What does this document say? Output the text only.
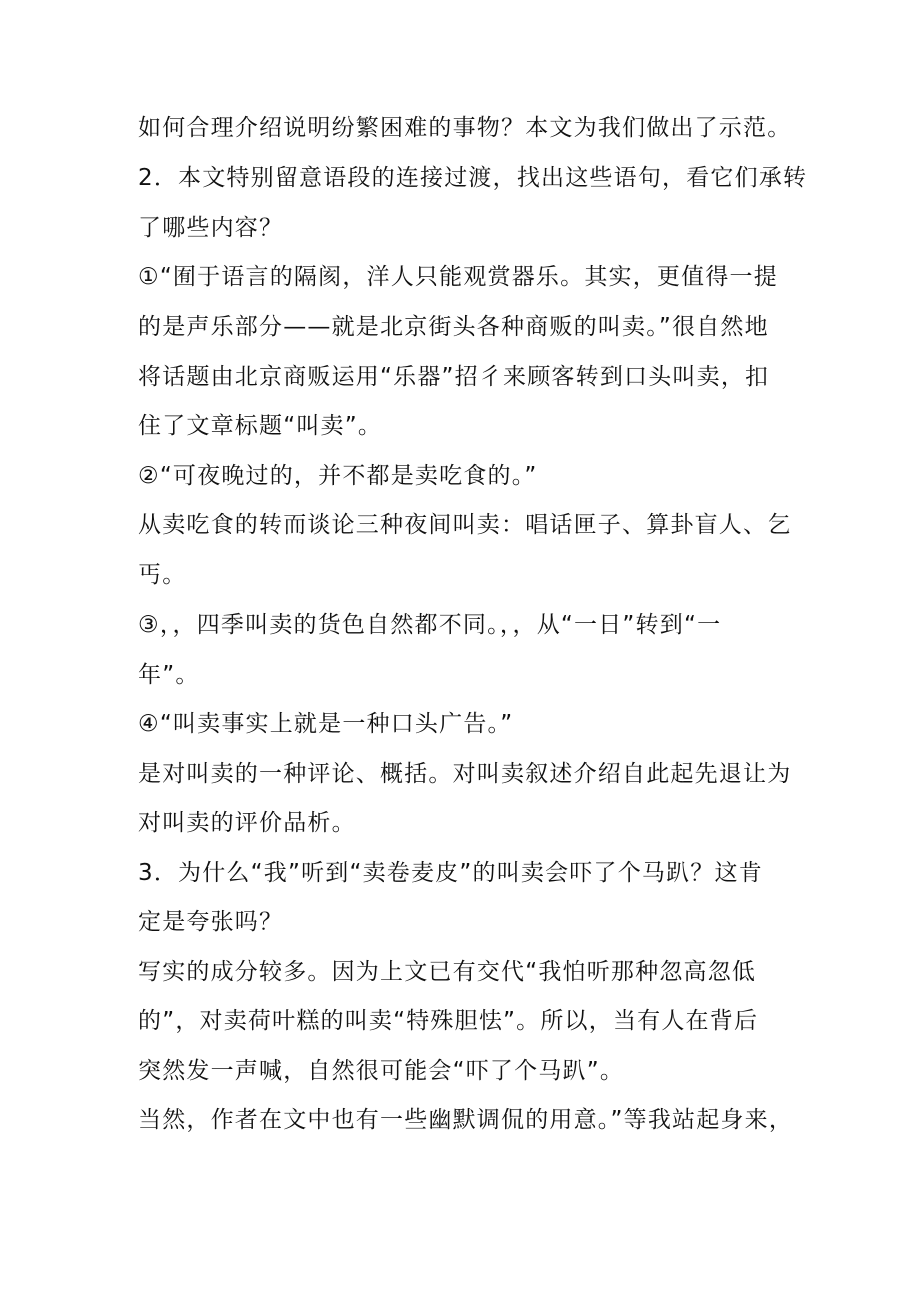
如何合理介绍说明纷繁困难的事物？本文为我们做出了示范。
2．本文特别留意语段的连接过渡，找出这些语句，看它们承转
了哪些内容？
①“囿于语言的隔阂，洋人只能观赏器乐。其实，更值得一提
的是声乐部分——就是北京街头各种商贩的叫卖。”很自然地
将话题由北京商贩运用“乐器”招彳来顾客转到口头叫卖，扣
住了文章标题“叫卖”。
②“可夜晚过的，并不都是卖吃食的。”
从卖吃食的转而谈论三种夜间叫卖：唱话匣子、算卦盲人、乞
丐。
③，，四季叫卖的货色自然都不同。，，从“一日”转到“一
年”。
④“叫卖事实上就是一种口头广告。”
是对叫卖的一种评论、概括。对叫卖叙述介绍自此起先退让为
对叫卖的评价品析。
3．为什么“我”听到“卖卷麦皮”的叫卖会吓了个马趴？这肯
定是夸张吗？
写实的成分较多。因为上文已有交代“我怕听那种忽高忽低
的”，对卖荷叶糕的叫卖“特殊胆怯”。所以，当有人在背后
突然发一声喊，自然很可能会“吓了个马趴”。
当然，作者在文中也有一些幽默调侃的用意。”等我站起身来，
